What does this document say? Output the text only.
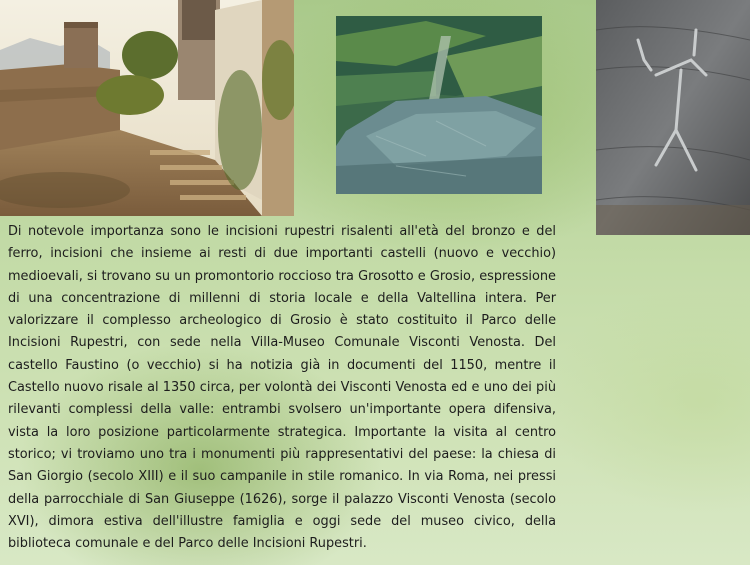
Di notevole importanza sono le incisioni rupestri risalenti all'età del bronzo e del ferro, incisioni che insieme ai resti di due importanti castelli (nuovo e vecchio) medioevali, si trovano su un promontorio roccioso tra Grosotto e Grosio, espressione di una concentrazione di millenni di storia locale e della Valtellina intera. Per valorizzare il complesso archeologico di Grosio è stato costituito il Parco delle Incisioni Rupestri, con sede nella Villa-Museo Comunale Visconti Venosta. Del castello Faustino (o vecchio) si ha notizia già in documenti del 1150, mentre il Castello nuovo risale al 1350 circa, per volontà dei Visconti Venosta ed e uno dei più rilevanti complessi della valle: entrambi svolsero un'importante opera difensiva, vista la loro posizione particolarmente strategica. Importante la visita al centro storico; vi troviamo uno tra i monumenti più rappresentativi del paese: la chiesa di San Giorgio (secolo XIII) e il suo campanile in stile romanico. In via Roma, nei pressi della parrocchiale di San Giuseppe (1626), sorge il palazzo Visconti Venosta (secolo XVI), dimora estiva dell'illustre famiglia e oggi sede del museo civico, della biblioteca comunale e del Parco delle Incisioni Rupestri.
